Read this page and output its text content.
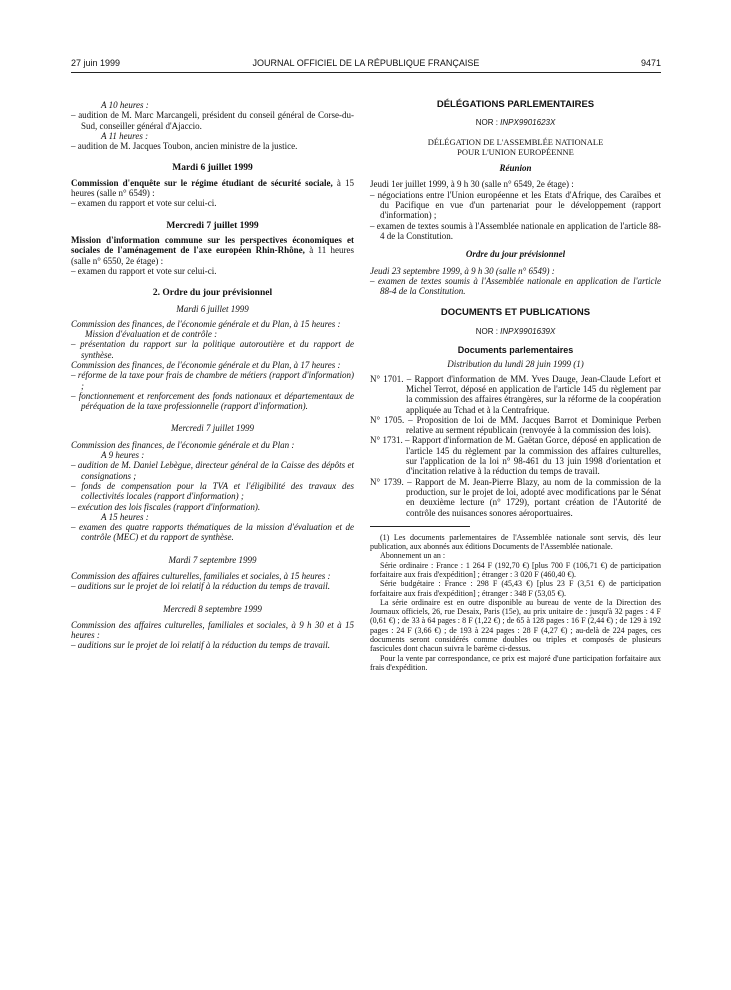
27 juin 1999	JOURNAL OFFICIEL DE LA RÉPUBLIQUE FRANÇAISE	9471

A 10 heures :

– audition de M. Marc Marcangeli, président du conseil général de Corse-du-Sud, conseiller général d'Ajaccio.

A 11 heures :

– audition de M. Jacques Toubon, ancien ministre de la justice.

Mardi 6 juillet 1999

Commission d'enquête sur le régime étudiant de sécurité sociale, à 15 heures (salle n° 6549) :

– examen du rapport et vote sur celui-ci.

Mercredi 7 juillet 1999

Mission d'information commune sur les perspectives économiques et sociales de l'aménagement de l'axe européen Rhin-Rhône, à 11 heures (salle n° 6550, 2e étage) :

– examen du rapport et vote sur celui-ci.

2. Ordre du jour prévisionnel

Mardi 6 juillet 1999

Commission des finances, de l'économie générale et du Plan, à 15 heures :

Mission d'évaluation et de contrôle :

– présentation du rapport sur la politique autoroutière et du rapport de synthèse.

Commission des finances, de l'économie générale et du Plan, à 17 heures :

– réforme de la taxe pour frais de chambre de métiers (rapport d'information) ;

– fonctionnement et renforcement des fonds nationaux et départementaux de péréquation de la taxe professionnelle (rapport d'information).

Mercredi 7 juillet 1999

Commission des finances, de l'économie générale et du Plan :

A 9 heures :

– audition de M. Daniel Lebègue, directeur général de la Caisse des dépôts et consignations ;

– fonds de compensation pour la TVA et l'éligibilité des travaux des collectivités locales (rapport d'information) ;

– exécution des lois fiscales (rapport d'information).

A 15 heures :

– examen des quatre rapports thématiques de la mission d'évaluation et de contrôle (MEC) et du rapport de synthèse.

Mardi 7 septembre 1999

Commission des affaires culturelles, familiales et sociales, à 15 heures :

– auditions sur le projet de loi relatif à la réduction du temps de travail.

Mercredi 8 septembre 1999

Commission des affaires culturelles, familiales et sociales, à 9 h 30 et à 15 heures :

– auditions sur le projet de loi relatif à la réduction du temps de travail.

DÉLÉGATIONS PARLEMENTAIRES

NOR : INPX9901623X

DÉLÉGATION DE L'ASSEMBLÉE NATIONALE

POUR L'UNION EUROPÉENNE

Réunion

Jeudi 1er juillet 1999, à 9 h 30 (salle n° 6549, 2e étage) :

– négociations entre l'Union européenne et les Etats d'Afrique, des Caraïbes et du Pacifique en vue d'un partenariat pour le développement (rapport d'information) ;

– examen de textes soumis à l'Assemblée nationale en application de l'article 88-4 de la Constitution.

Ordre du jour prévisionnel

Jeudi 23 septembre 1999, à 9 h 30 (salle n° 6549) :

– examen de textes soumis à l'Assemblée nationale en application de l'article 88-4 de la Constitution.

DOCUMENTS ET PUBLICATIONS

NOR : INPX9901639X

Documents parlementaires

Distribution du lundi 28 juin 1999 (1)

N° 1701. – Rapport d'information de MM. Yves Dauge, Jean-Claude Lefort et Michel Terrot, déposé en application de l'article 145 du règlement par la commission des affaires étrangères, sur la réforme de la coopération appliquée au Tchad et à la Centrafrique.

N° 1705. – Proposition de loi de MM. Jacques Barrot et Dominique Perben relative au serment républicain (renvoyée à la commission des lois).

N° 1731. – Rapport d'information de M. Gaëtan Gorce, déposé en application de l'article 145 du règlement par la commission des affaires culturelles, sur l'application de la loi n° 98-461 du 13 juin 1998 d'orientation et d'incitation relative à la réduction du temps de travail.

N° 1739. – Rapport de M. Jean-Pierre Blazy, au nom de la commission de la production, sur le projet de loi, adopté avec modifications par le Sénat en deuxième lecture (n° 1729), portant création de l'Autorité de contrôle des nuisances sonores aéroportuaires.

(1) Les documents parlementaires de l'Assemblée nationale sont servis, dès leur publication, aux abonnés aux éditions Documents de l'Assemblée nationale.

Abonnement un an :

Série ordinaire : France : 1 264 F (192,70 €) [plus 700 F (106,71 €) de participation forfaitaire aux frais d'expédition] ; étranger : 3 020 F (460,40 €).

Série budgétaire : France : 298 F (45,43 €) [plus 23 F (3,51 €) de participation forfaitaire aux frais d'expédition] ; étranger : 348 F (53,05 €).

La série ordinaire est en outre disponible au bureau de vente de la Direction des Journaux officiels, 26, rue Desaix, Paris (15e), au prix unitaire de : jusqu'à 32 pages : 4 F (0,61 €) ; de 33 à 64 pages : 8 F (1,22 €) ; de 65 à 128 pages : 16 F (2,44 €) ; de 129 à 192 pages : 24 F (3,66 €) ; de 193 à 224 pages : 28 F (4,27 €) ; au-delà de 224 pages, ces documents seront considérés comme doubles ou triples et composés de plusieurs fascicules dont chacun suivra le barème ci-dessus.

Pour la vente par correspondance, ce prix est majoré d'une participation forfaitaire aux frais d'expédition.
